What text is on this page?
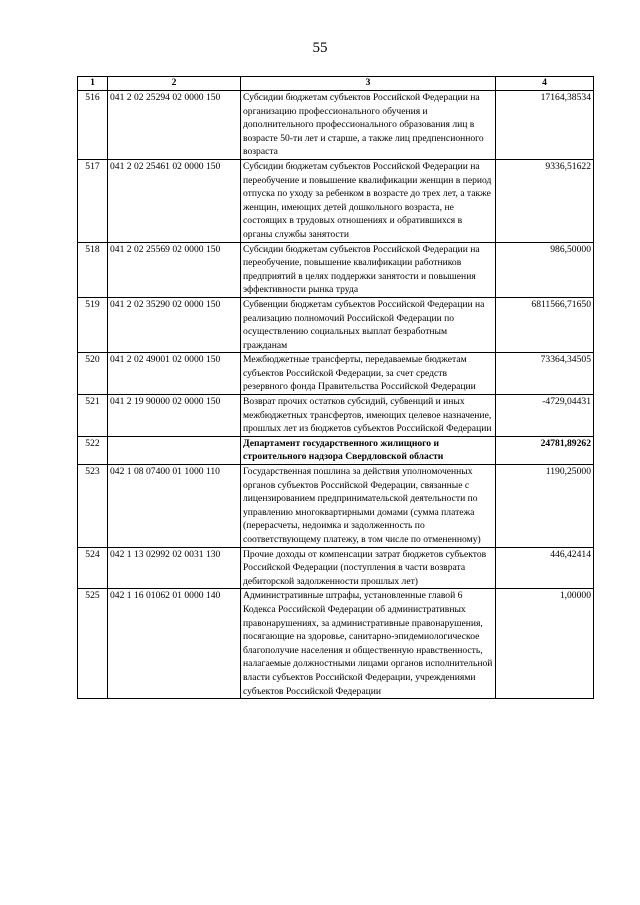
55
1	2	3	4
516	041 2 02 25294 02 0000 150	Субсидии бюджетам субъектов Российской Федерации на организацию профессионального обучения и дополнительного профессионального образования лиц в возрасте 50-ти лет и старше, а также лиц предпенсионного возраста	17164,38534
517	041 2 02 25461 02 0000 150	Субсидии бюджетам субъектов Российской Федерации на переобучение и повышение квалификации женщин в период отпуска по уходу за ребенком в возрасте до трех лет, а также женщин, имеющих детей дошкольного возраста, не состоящих в трудовых отношениях и обратившихся в органы службы занятости	9336,51622
518	041 2 02 25569 02 0000 150	Субсидии бюджетам субъектов Российской Федерации на переобучение, повышение квалификации работников предприятий в целях поддержки занятости и повышения эффективности рынка труда	986,50000
519	041 2 02 35290 02 0000 150	Субвенции бюджетам субъектов Российской Федерации на реализацию полномочий Российской Федерации по осуществлению социальных выплат безработным гражданам	6811566,71650
520	041 2 02 49001 02 0000 150	Межбюджетные трансферты, передаваемые бюджетам субъектов Российской Федерации, за счет средств резервного фонда Правительства Российской Федерации	73364,34505
521	041 2 19 90000 02 0000 150	Возврат прочих остатков субсидий, субвенций и иных межбюджетных трансфертов, имеющих целевое назначение, прошлых лет из бюджетов субъектов Российской Федерации	-4729,04431
522		Департамент государственного жилищного и строительного надзора Свердловской области	24781,89262
523	042 1 08 07400 01 1000 110	Государственная пошлина за действия уполномоченных органов субъектов Российской Федерации, связанные с лицензированием предпринимательской деятельности по управлению многоквартирными домами (сумма платежа (перерасчеты, недоимка и задолженность по соответствующему платежу, в том числе по отмененному)	1190,25000
524	042 1 13 02992 02 0031 130	Прочие доходы от компенсации затрат бюджетов субъектов Российской Федерации (поступления в части возврата дебиторской задолженности прошлых лет)	446,42414
525	042 1 16 01062 01 0000 140	Административные штрафы, установленные главой 6 Кодекса Российской Федерации об административных правонарушениях, за административные правонарушения, посягающие на здоровье, санитарно-эпидемиологическое благополучие населения и общественную нравственность, налагаемые должностными лицами органов исполнительной власти субъектов Российской Федерации, учреждениями субъектов Российской Федерации	1,00000
